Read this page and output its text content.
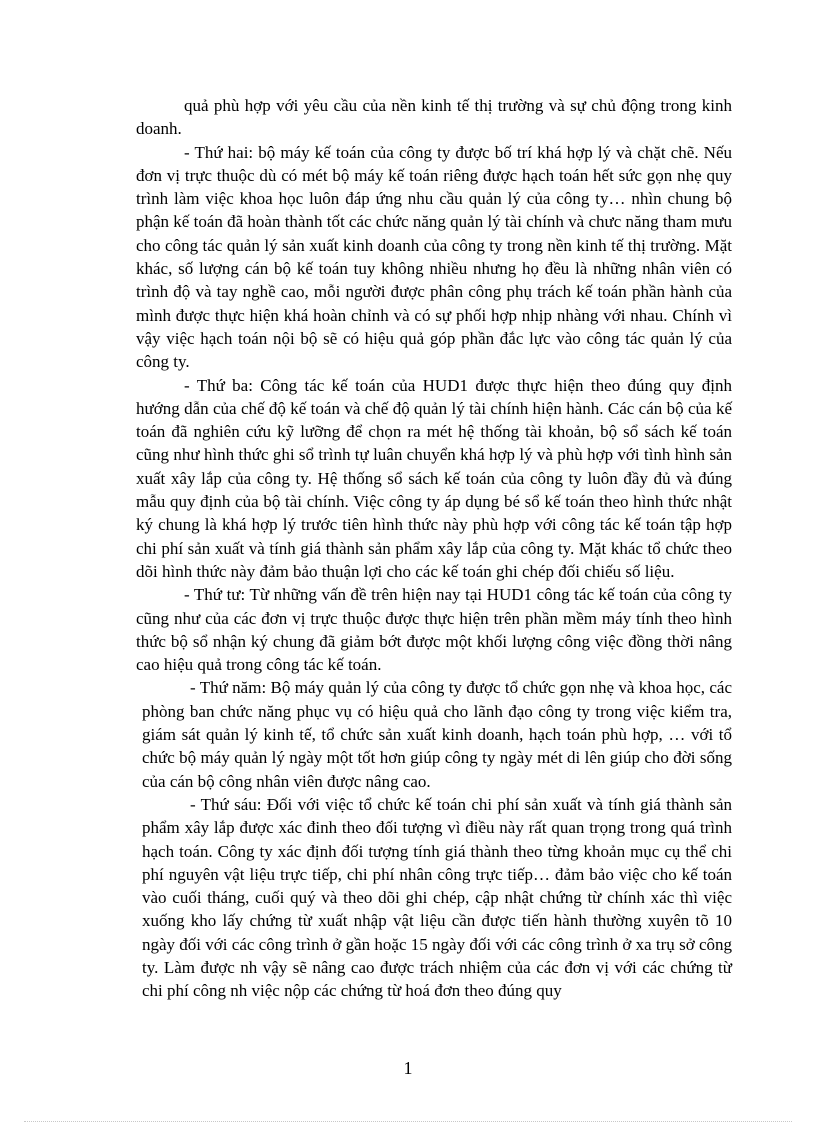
quả phù hợp với yêu cầu của nền kinh tế thị trường và sự chủ động trong kinh doanh.

- Thứ hai: bộ máy kế toán của công ty được bố trí khá hợp lý và chặt chẽ. Nếu đơn vị trực thuộc dù có mét bộ máy kế toán riêng được hạch toán hết sức gọn nhẹ quy trình làm việc khoa học luôn đáp ứng nhu cầu quản lý của công ty… nhìn chung bộ phận kế toán đã hoàn thành tốt các chức năng quản lý tài chính và chưc năng tham mưu cho công tác quản lý sản xuất kinh doanh của công ty trong nền kinh tế thị trường. Mặt khác, số lượng cán bộ kế toán tuy không nhiều nhưng họ đều là những nhân viên có trình độ và tay nghề cao, mỗi người được phân công phụ trách kế toán phần hành của mình được thực hiện khá hoàn chỉnh và có sự phối hợp nhịp nhàng với nhau. Chính vì vậy việc hạch toán nội bộ sẽ có hiệu quả góp phần đắc lực vào công tác quản lý của công ty.

- Thứ ba: Công tác kế toán của HUD1 được thực hiện theo đúng quy định hướng dẫn của chế độ kế toán và chế độ quản lý tài chính hiện hành. Các cán bộ của kế toán đã nghiên cứu kỹ lưỡng để chọn ra mét hệ thống tài khoản, bộ sổ sách kế toán cũng như hình thức ghi sổ trình tự luân chuyển khá hợp lý và phù hợp với tình hình sản xuất xây lắp của công ty. Hệ thống sổ sách kế toán của công ty luôn đầy đủ và đúng mẫu quy định của bộ tài chính. Việc công ty áp dụng bé sổ kế toán theo hình thức nhật ký chung là khá hợp lý trước tiên hình thức này phù hợp với công tác kế toán tập hợp chi phí sản xuất và tính giá thành sản phẩm xây lắp của công ty. Mặt khác tổ chức theo dõi hình thức này đảm bảo thuận lợi cho các kế toán ghi chép đối chiếu số liệu.

- Thứ tư: Từ những vấn đề trên hiện nay tại HUD1 công tác kế toán của công ty cũng như của các đơn vị trực thuộc được thực hiện trên phần mềm máy tính theo hình thức bộ sổ nhận ký chung đã giảm bớt được một khối lượng công việc đồng thời nâng cao hiệu quả trong công tác kế toán.

- Thứ năm: Bộ máy quản lý của công ty được tổ chức gọn nhẹ và khoa học, các phòng ban chức năng phục vụ có hiệu quả cho lãnh đạo công ty trong việc kiểm tra, giám sát quản lý kinh tế, tổ chức sản xuất kinh doanh, hạch toán phù hợp, … với tổ chức bộ máy quản lý ngày một tốt hơn giúp công ty ngày mét di lên giúp cho đời sống của cán bộ công nhân viên được nâng cao.

- Thứ sáu: Đối với việc tổ chức kế toán chi phí sản xuất và tính giá thành sản phẩm xây lắp được xác đinh theo đối tượng vì điều này rất quan trọng trong quá trình hạch toán. Công ty xác định đối tượng tính giá thành theo từng khoản mục cụ thể chi phí nguyên vật liệu trực tiếp, chi phí nhân công trực tiếp… đảm bảo việc cho kế toán vào cuối tháng, cuối quý và theo dõi ghi chép, cập nhật chứng từ chính xác thì việc xuống kho lấy chứng từ xuất nhập vật liệu cần được tiến hành thường xuyên tõ 10 ngày đối với các công trình ở gần hoặc 15 ngày đối với các công trình ở xa trụ sở công ty. Làm được nh vậy sẽ nâng cao được trách nhiệm của các đơn vị với các chứng từ chi phí công nh việc nộp các chứng từ hoá đơn theo đúng quy

1
